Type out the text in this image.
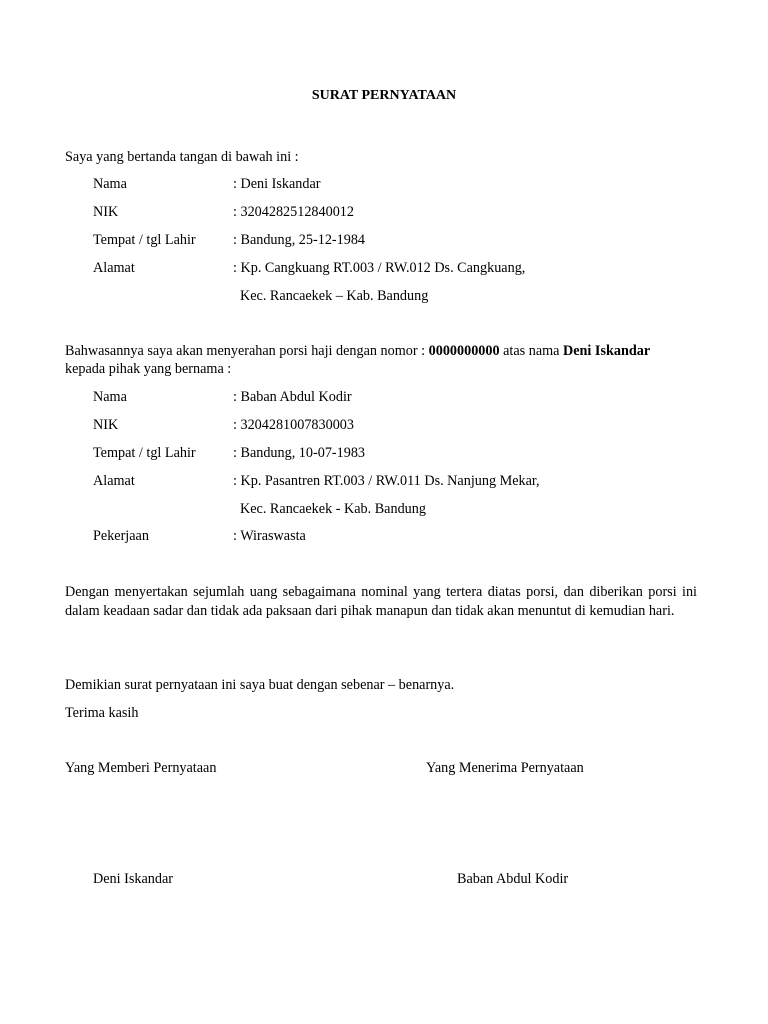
SURAT PERNYATAAN
Saya yang bertanda tangan di bawah ini :
Nama	: Deni Iskandar
NIK	: 3204282512840012
Tempat / tgl Lahir	: Bandung, 25-12-1984
Alamat	: Kp. Cangkuang RT.003 / RW.012 Ds. Cangkuang,
Kec. Rancaekek – Kab. Bandung
Bahwasannya saya akan menyerahan porsi haji dengan nomor : 0000000000 atas nama Deni Iskandar
kepada pihak yang bernama :
Nama	: Baban Abdul Kodir
NIK	: 3204281007830003
Tempat / tgl Lahir	: Bandung, 10-07-1983
Alamat	: Kp. Pasantren RT.003 / RW.011 Ds. Nanjung Mekar,
Kec. Rancaekek - Kab. Bandung
Pekerjaan	: Wiraswasta
Dengan menyertakan sejumlah uang sebagaimana nominal yang tertera diatas porsi, dan diberikan porsi ini dalam keadaan sadar dan tidak ada paksaan dari pihak manapun dan tidak akan menuntut di kemudian hari.
Demikian surat pernyataan ini saya buat dengan sebenar – benarnya.
Terima kasih
Yang Memberi Pernyataan	Yang Menerima Pernyataan
Deni Iskandar	Baban Abdul Kodir
